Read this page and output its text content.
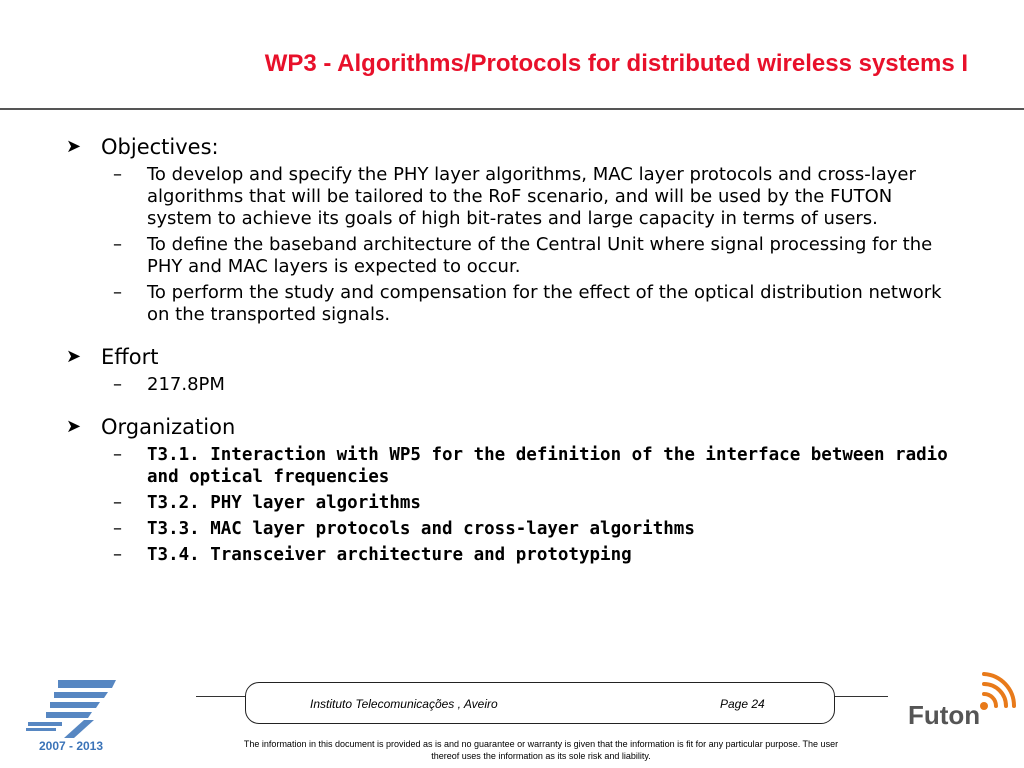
WP3 - Algorithms/Protocols for distributed wireless systems I
➤ Objectives:
–	To develop and specify the PHY layer algorithms, MAC layer protocols and cross-layer algorithms that will be tailored to the RoF scenario, and will be used by the FUTON system to achieve its goals of high bit-rates and large capacity in terms of users.
–	To define the baseband architecture of the Central Unit where signal processing for the PHY and MAC layers is expected to occur.
–	To perform the study and compensation for the effect of the optical distribution network on the transported signals.
➤ Effort
–	217.8PM
➤ Organization
–	T3.1. Interaction with WP5 for the definition of the interface between radio and optical frequencies
–	T3.2. PHY layer algorithms
–	T3.3. MAC layer protocols and cross-layer algorithms
–	T3.4. Transceiver architecture and prototyping
Instituto Telecomunicações , Aveiro	Page 24
The information in this document is provided as is and no guarantee or warranty is given that the information is fit for any particular purpose. The user
thereof uses the information as its sole risk and liability.
2007 - 2013
Futon
